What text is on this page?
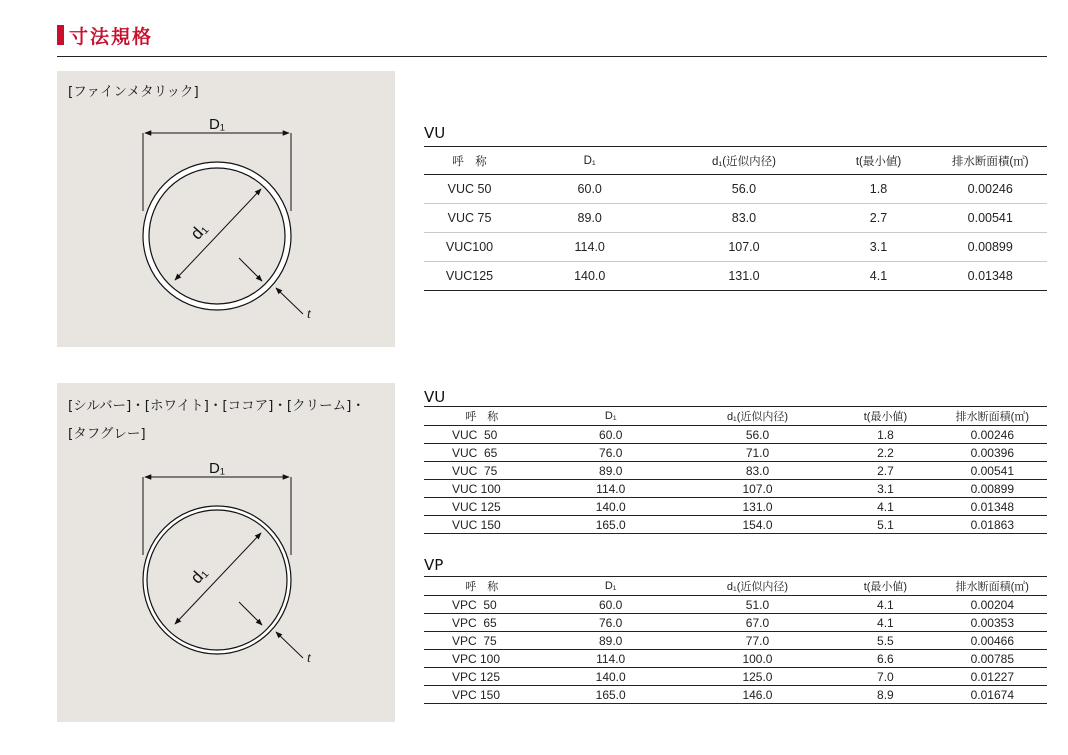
寸法規格
[ファインメタリック]
D₁
d₁
t
VU
呼　称	D₁	d₁(近似内径)	t(最小値)	排水断面積(㎡)
VUC 50	60.0	56.0	1.8	0.00246
VUC 75	89.0	83.0	2.7	0.00541
VUC100	114.0	107.0	3.1	0.00899
VUC125	140.0	131.0	4.1	0.01348
[シルバー]・[ホワイト]・[ココア]・[クリーム]・
[タフグレー]
D₁
d₁
t
VU
呼　称	D₁	d₁(近似内径)	t(最小値)	排水断面積(㎡)
VUC  50	60.0	56.0	1.8	0.00246
VUC  65	76.0	71.0	2.2	0.00396
VUC  75	89.0	83.0	2.7	0.00541
VUC 100	114.0	107.0	3.1	0.00899
VUC 125	140.0	131.0	4.1	0.01348
VUC 150	165.0	154.0	5.1	0.01863
VP
呼　称	D₁	d₁(近似内径)	t(最小値)	排水断面積(㎡)
VPC  50	60.0	51.0	4.1	0.00204
VPC  65	76.0	67.0	4.1	0.00353
VPC  75	89.0	77.0	5.5	0.00466
VPC 100	114.0	100.0	6.6	0.00785
VPC 125	140.0	125.0	7.0	0.01227
VPC 150	165.0	146.0	8.9	0.01674
